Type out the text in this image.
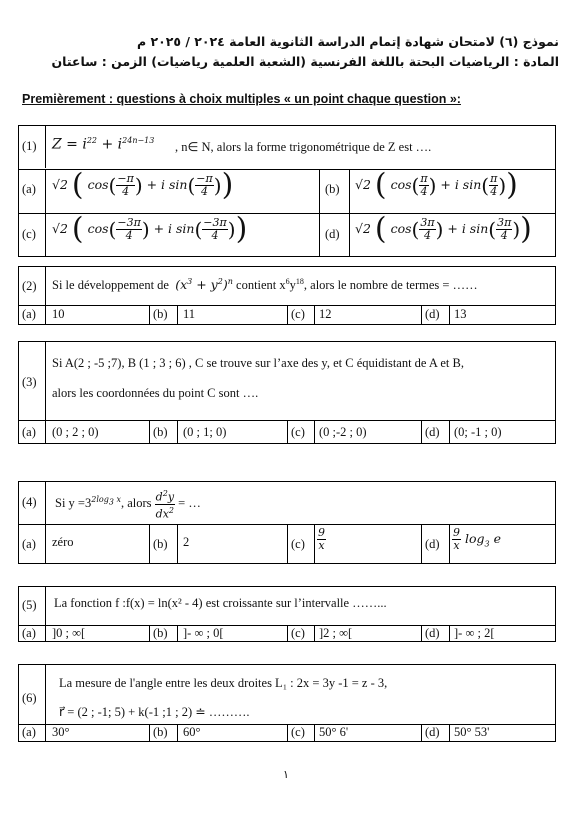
نموذج (٦) لامتحان شهادة إتمام الدراسة الثانوية العامة ٢٠٢٤ / ٢٠٢٥ م
المادة : الرياضيات البحتة باللغة الفرنسية (الشعبة العلمية رياضيات) الزمن : ساعتان
Premièrement : questions à choix multiples « un point chaque question »:
(1) $Z = i^{22} + i^{24n-13}$ , n∈ N, alors la forme trigonométrique de Z est ….
(a) √2 ( $\cos( \frac{-\pi}{4}$ ) + i $\sin( \frac{-\pi}{4}$ ))	(b) √2 ( $\cos( \frac{\pi}{4}$ ) + i $\sin( \frac{\pi}{4}$ ))
(c) √2 ( $\cos( \frac{-3\pi}{4}$ ) + i $\sin( \frac{-3\pi}{4}$ ))	(d) √2 ( $\cos( \frac{3\pi}{4}$ ) + i $\sin( \frac{3\pi}{4}$ ))
(2) Si le développement de $(x^3 + y^2)^n$ contient $x^6y^{18}$, alors le nombre de termes = ……
(a) 10	(b) 11	(c) 12	(d) 13
(3)
Si A(2 ; -5 ;7), B (1 ; 3 ; 6) , C se trouve sur l’axe des y, et C équidistant de A et B,
alors les coordonnées du point C sont ….
(a) (0 ; 2 ; 0)	(b) (0 ; 1; 0)	(c) (0 ;-2 ; 0)	(d) (0; -1 ; 0)
(4) Si $y =3^{2log_3 x}$, alors $\frac{d^2y}{dx^2}$ = …
(a) zéro	(b) 2	$(c) \frac{9}{x}$	$(d) \frac{9}{x} \log_3 e$
(5) La fonction f :f(x) = ln(x² - 4) est croissante sur l’intervalle ……...
(a) ]0 ; ∞[	(b) ]- ∞ ; 0[	(c) ]2 ; ∞[	(d) ]- ∞ ; 2[
(6)
La mesure de l'angle entre les deux droites L₁ : 2x = 3y -1 = z - 3,
r⃗ = (2 ; -1; 5) + k(-1 ;1 ; 2) ≐ ……….
(a) 30°	(b) 60°	(c) 50° 6'	(d) 50° 53'
١
